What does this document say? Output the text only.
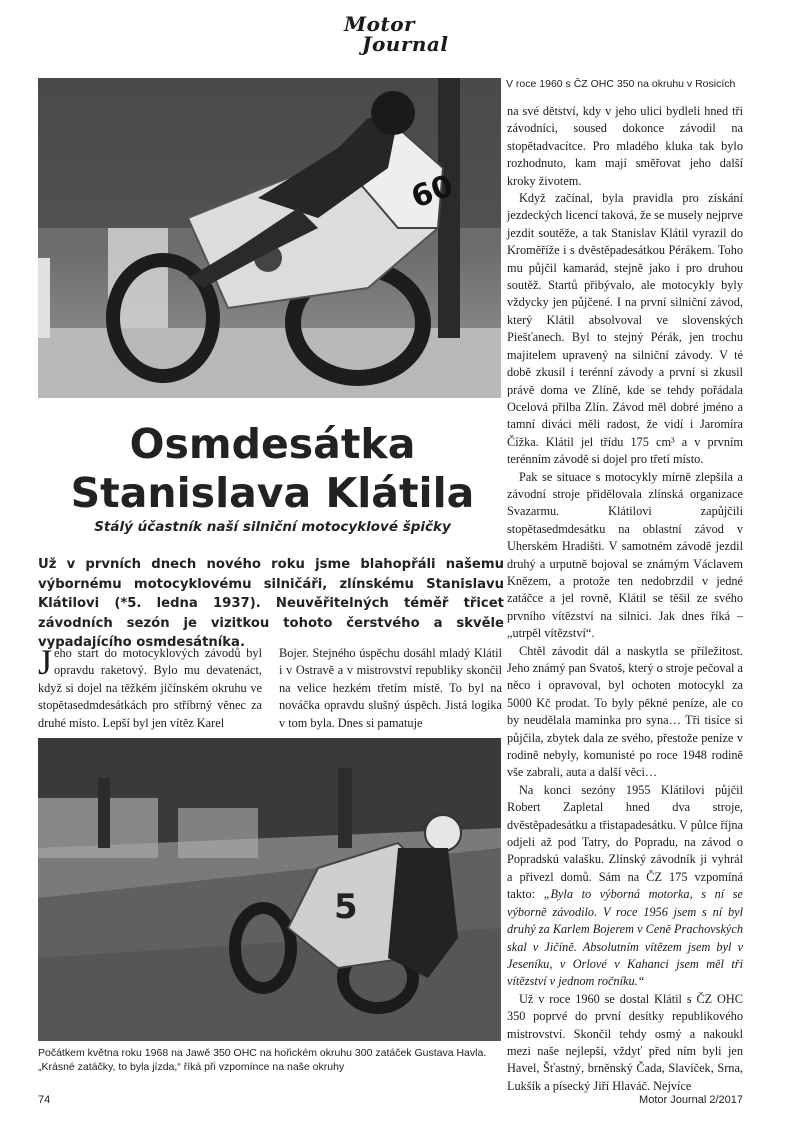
Motor
Journal
60
V roce 1960 s ČZ OHC 350 na okruhu v Rosicích
Osmdesátka
Stanislava Klátila
Stálý účastník naší silniční motocyklové špičky
Už v prvních dnech nového roku jsme blahopřáli našemu výbornému motocyklovému silničáři, zlínskému Stanislavu Klátilovi (*5. ledna 1937). Neuvěřitelných téměř třicet závodních sezón je vizitkou tohoto čerstvého a skvěle vypadajícího osmdesátníka.

Jeho start do motocyklových závodů byl opravdu raketový. Bylo mu devatenáct, když si dojel na těžkém jičínském okruhu ve stopětasedmdesátkách pro stříbrný věnec za druhé místo. Lepší byl jen vítěz Karel

Bojer. Stejného úspěchu dosáhl mladý Klátil i v Ostravě a v mistrovství republiky skončil na velice hezkém třetím místě. To byl na nováčka opravdu slušný úspěch. Jistá logika v tom byla. Dnes si pamatuje

5
Počátkem května roku 1968 na Jawě 350 OHC na hořickém okruhu 300 zatáček Gustava Havla. „Krásné zatáčky, to byla jízda,“ říká při vzpomínce na naše okruhy

na své dětství, kdy v jeho ulici bydleli hned tři závodníci, soused dokonce závodil na stopětadvacítce. Pro mladého kluka tak bylo rozhodnuto, kam mají směřovat jeho další kroky životem.

Když začínal, byla pravidla pro získání jezdeckých licencí taková, že se musely nejprve jezdit soutěže, a tak Stanislav Klátil vyrazil do Kroměříže i s dvěstěpadesátkou Pérákem. Toho mu půjčil kamarád, stejně jako i pro druhou soutěž. Startů přibývalo, ale motocykly byly vždycky jen půjčené. I na první silniční závod, který Klátil absolvoval ve slovenských Piešťanech. Byl to stejný Pérák, jen trochu majitelem upravený na silniční závody. V té době zkusil i terénní závody a první si zkusil právě doma ve Zlíně, kde se tehdy pořádala Ocelová přilba Zlín. Závod měl dobré jméno a tamní diváci měli radost, že vidí i Jaromíra Čížka. Klátil jel třídu 175 cm³ a v prvním terénním závodě si dojel pro třetí místo.

Pak se situace s motocykly mírně zlepšila a závodní stroje přidělovala zlínská organizace Svazarmu. Klátilovi zapůjčili stopětasedmdesátku na oblastní závod v Uherském Hradišti. V samotném závodě jezdil druhý a urputně bojoval se známým Václavem Knězem, a protože ten nedobrzdil v jedné zatáčce a jel rovně, Klátil se těšil ze svého prvního vítězství na silnici. Jak dnes říká – „utrpěl vítězství“.

Chtěl závodit dál a naskytla se příležitost. Jeho známý pan Svatoš, který o stroje pečoval a něco i opravoval, byl ochoten motocykl za 5000 Kč prodat. To byly pěkné peníze, ale co by neudělala maminka pro syna… Tři tisíce si půjčila, zbytek dala ze svého, přestože peníze v rodině nebyly, komunisté po roce 1948 rodině vše zabrali, auta a další věci…

Na konci sezóny 1955 Klátilovi půjčil Robert Zapletal hned dva stroje, dvěstěpadesátku a třistapadesátku. V půlce října odjeli až pod Tatry, do Popradu, na závod o Popradskú valašku. Zlínský závodník ji vyhrál a přivezl domů. Sám na ČZ 175 vzpomíná takto: „Byla to výborná motorka, s ní se výborně závodilo. V roce 1956 jsem s ní byl druhý za Karlem Bojerem v Ceně Prachovských skal v Jičíně. Absolutním vítězem jsem byl v Jeseníku, v Orlové v Kahanci jsem měl tři vítězství v jednom ročníku.“

Už v roce 1960 se dostal Klátil s ČZ OHC 350 poprvé do první desítky republikového mistrovství. Skončil tehdy osmý a nakoukl mezi naše nejlepší, vždyť před ním byli jen Havel, Šťastný, brněnský Čada, Slavíček, Srna, Lukšík a písecký Jiří Hlaváč. Nejvíce

74	Motor Journal 2/2017
